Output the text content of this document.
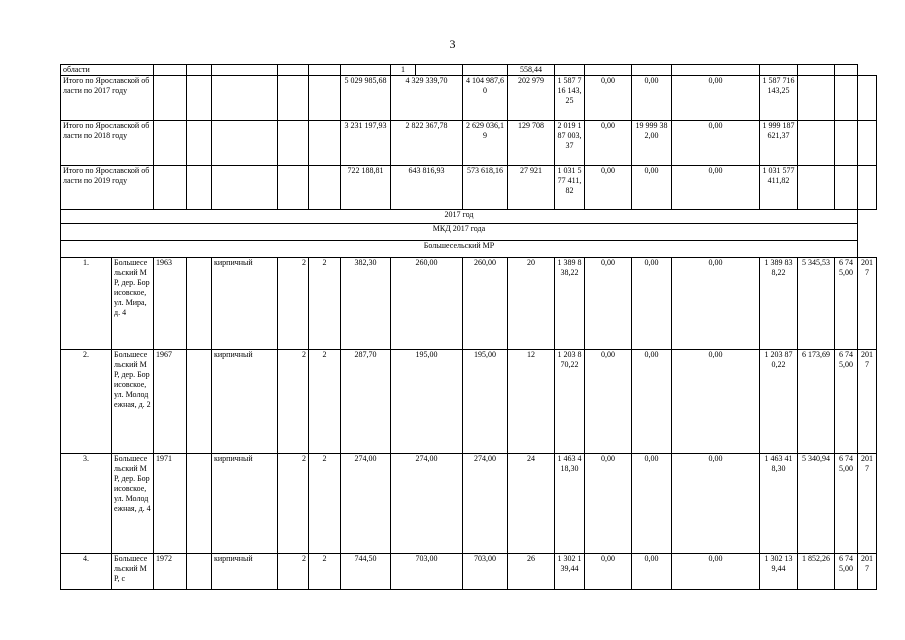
3
области								1			558,44								
Итого по Ярославской области по 2017 году							5 029 985,68	4 329 339,70		4 104 987,60	202 979	1 587 716 143,25	0,00	0,00	0,00	1 587 716 143,25			
Итого по Ярославской области по 2018 году							3 231 197,93	2 822 367,78		2 629 036,19	129 708	2 019 187 003,37	0,00	19 999 382,00	0,00	1 999 187 621,37			
Итого по Ярославской области по 2019 году							722 188,81	643 816,93		573 618,16	27 921	1 031 577 411,82	0,00	0,00	0,00	1 031 577 411,82			
2017 год																			
МКД 2017 года																			
Большесельский МР																			
1.	Большесельский МР, дер. Борисовское, ул. Мира, д. 4	1963		кирпичный	2	2	382,30	260,00		260,00	20	1 389 838,22	0,00	0,00	0,00	1 389 838,22	5 345,53	6 745,00	2017
2.	Большесельский МР, дер. Борисовское, ул. Молодежная, д. 2	1967		кирпичный	2	2	287,70	195,00		195,00	12	1 203 870,22	0,00	0,00	0,00	1 203 870,22	6 173,69	6 745,00	2017
3.	Большесельский МР, дер. Борисовское, ул. Молодежная, д. 4	1971		кирпичный	2	2	274,00	274,00		274,00	24	1 463 418,30	0,00	0,00	0,00	1 463 418,30	5 340,94	6 745,00	2017
4.	Большесельский МР, с	1972		кирпичный	2	2	744,50	703,00		703,00	26	1 302 139,44	0,00	0,00	0,00	1 302 139,44	1 852,26	6 745,00	2017
